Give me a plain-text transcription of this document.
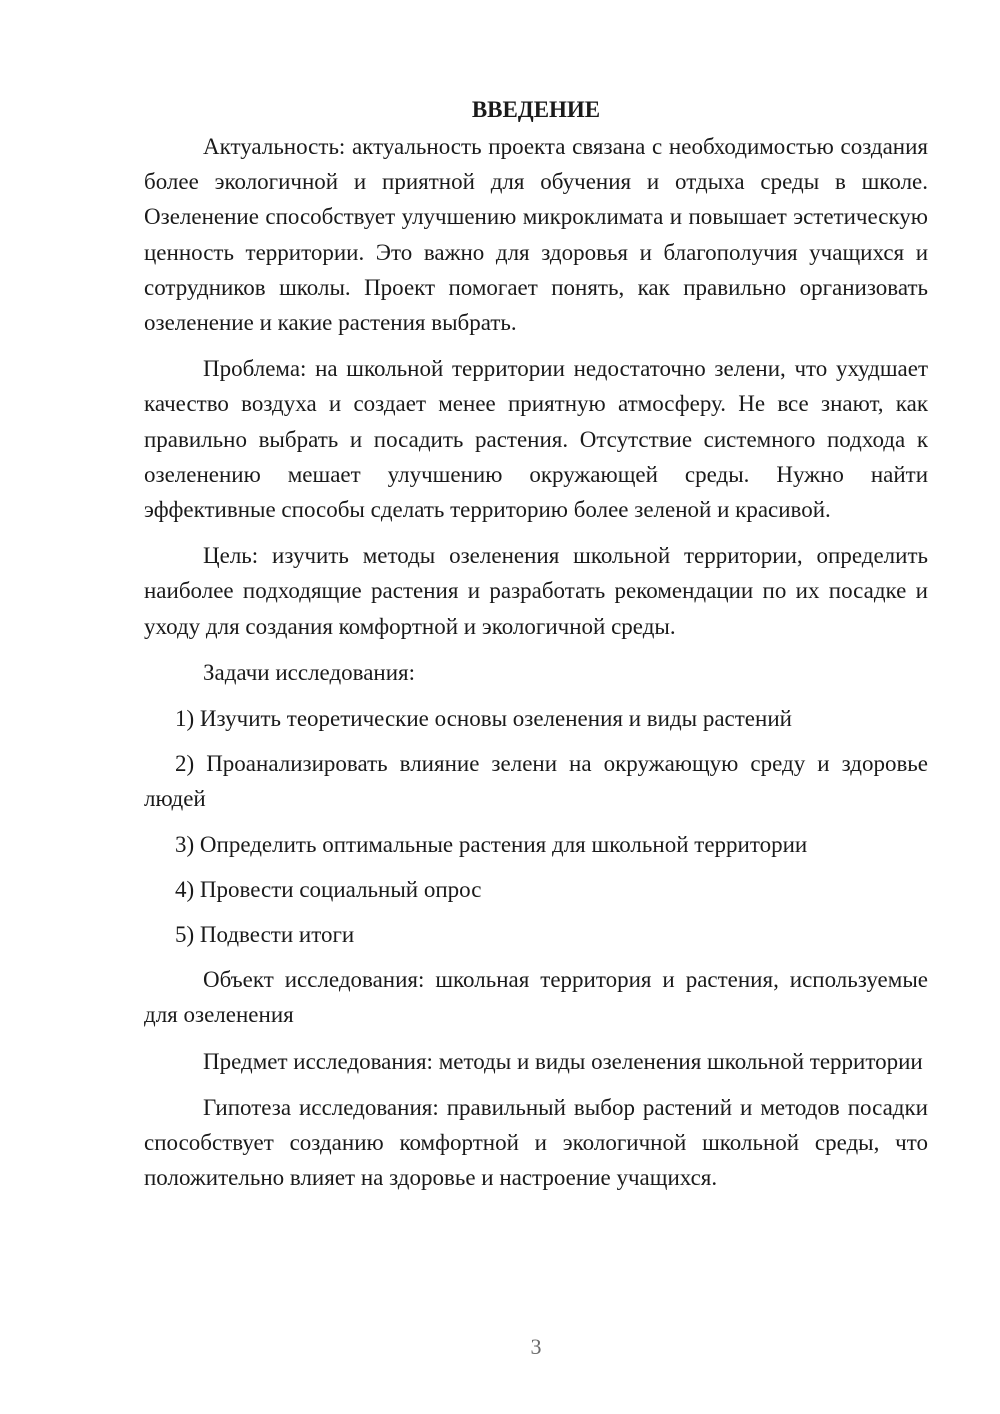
ВВЕДЕНИЕ

Актуальность: актуальность проекта связана с необходимостью создания более экологичной и приятной для обучения и отдыха среды в школе. Озеленение способствует улучшению микроклимата и повышает эстетическую ценность территории. Это важно для здоровья и благополучия учащихся и сотрудников школы. Проект помогает понять, как правильно организовать озеленение и какие растения выбрать.

Проблема: на школьной территории недостаточно зелени, что ухудшает качество воздуха и создает менее приятную атмосферу. Не все знают, как правильно выбрать и посадить растения. Отсутствие системного подхода к озеленению мешает улучшению окружающей среды. Нужно найти эффективные способы сделать территорию более зеленой и красивой.

Цель: изучить методы озеленения школьной территории, определить наиболее подходящие растения и разработать рекомендации по их посадке и уходу для создания комфортной и экологичной среды.

Задачи исследования:

1) Изучить теоретические основы озеленения и виды растений

2) Проанализировать влияние зелени на окружающую среду и здоровье людей

3) Определить оптимальные растения для школьной территории

4) Провести социальный опрос

5) Подвести итоги

Объект исследования: школьная территория и растения, используемые для озеленения

Предмет исследования: методы и виды озеленения школьной территории

Гипотеза исследования: правильный выбор растений и методов посадки способствует созданию комфортной и экологичной школьной среды, что положительно влияет на здоровье и настроение учащихся.

3
